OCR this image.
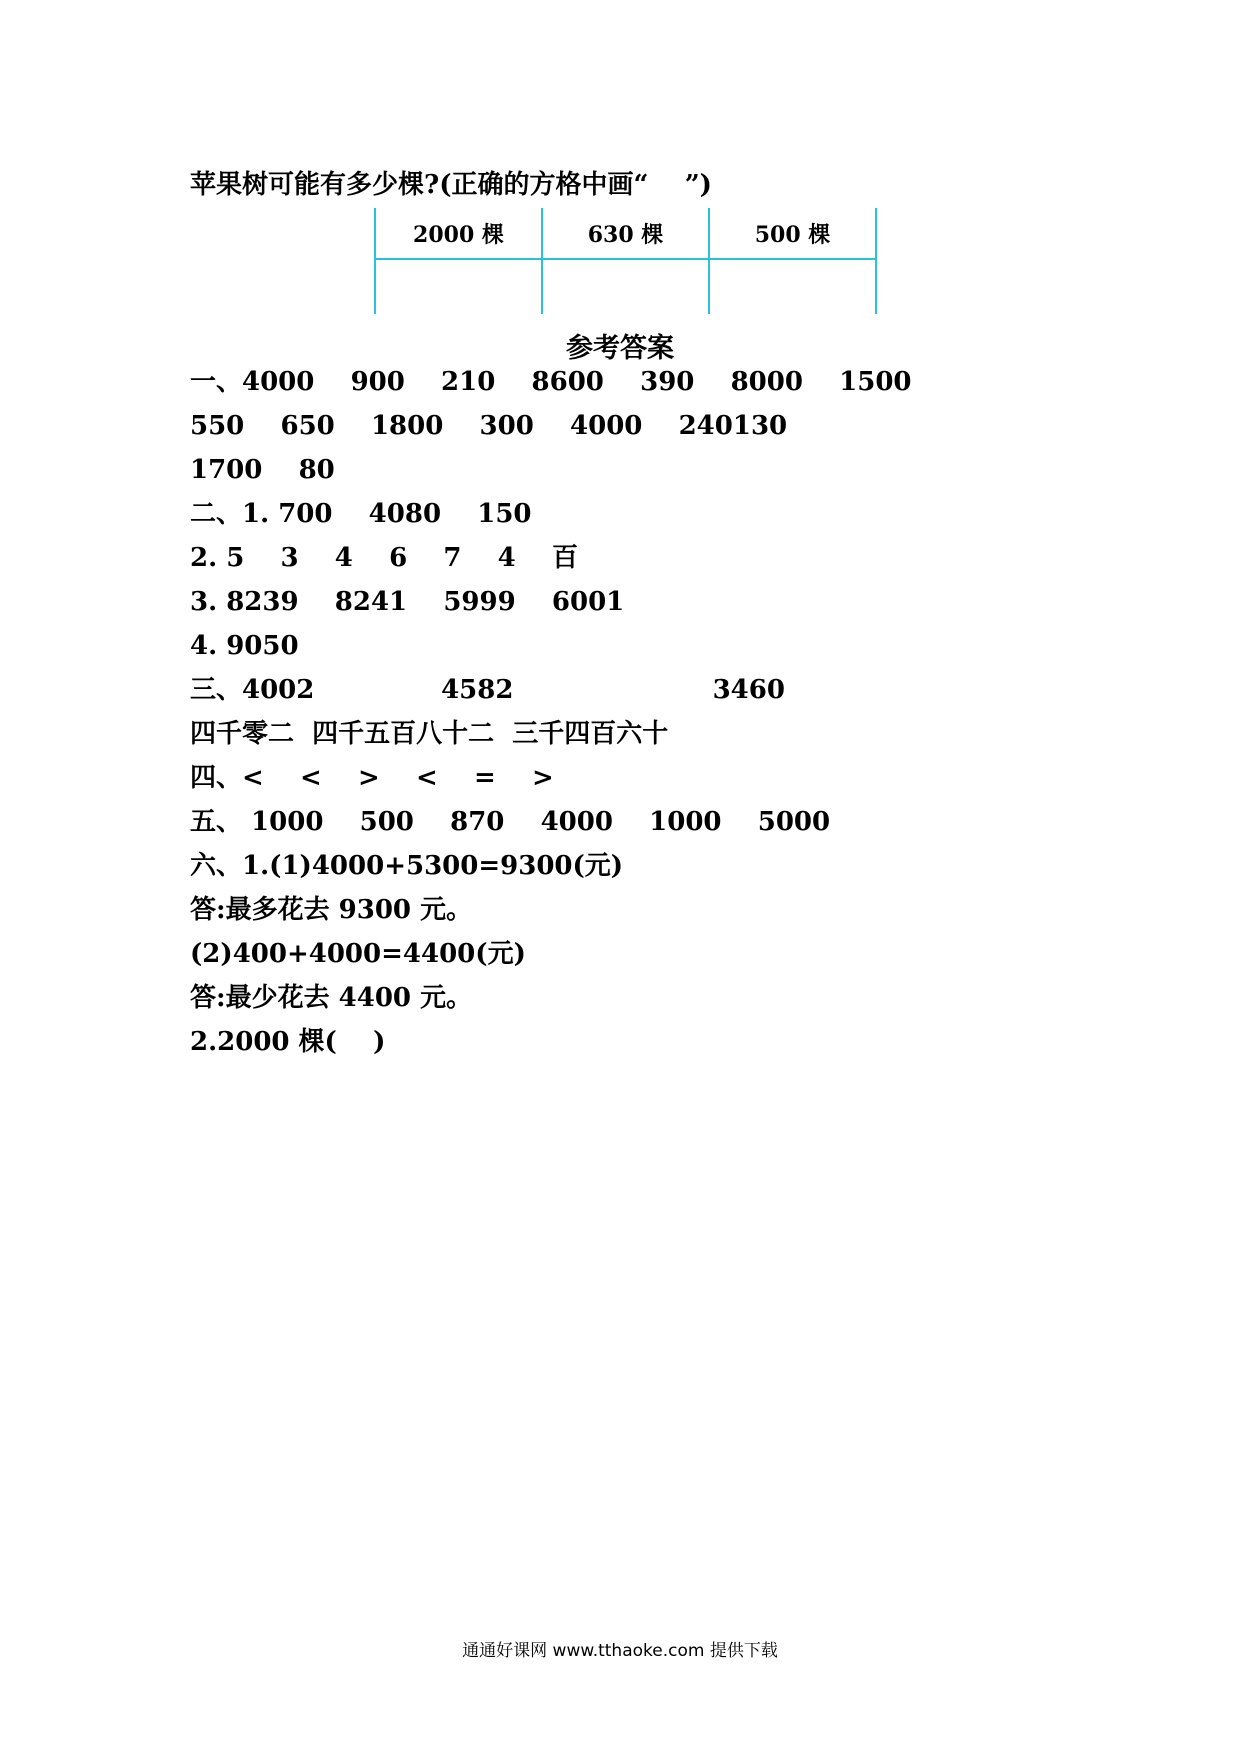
苹果树可能有多少棵?(正确的方格中画“    ”)
2000 棵	630 棵	500 棵

参考答案
一、4000    900    210    8600    390    8000    1500
550    650    1800    300    4000    240130
1700    80
二、1. 700    4080    150
2. 5    3    4    6    7    4    百
3. 8239    8241    5999    6001
4. 9050
三、4002              4582                      3460
四千零二  四千五百八十二  三千四百六十
四、<    <    >    <    =    >
五、 1000    500    870    4000    1000    5000
六、1.(1)4000+5300=9300(元)
答:最多花去 9300 元。
(2)400+4000=4400(元)
答:最少花去 4400 元。
2.2000 棵(    )
通通好课网 www.tthaoke.com 提供下载
